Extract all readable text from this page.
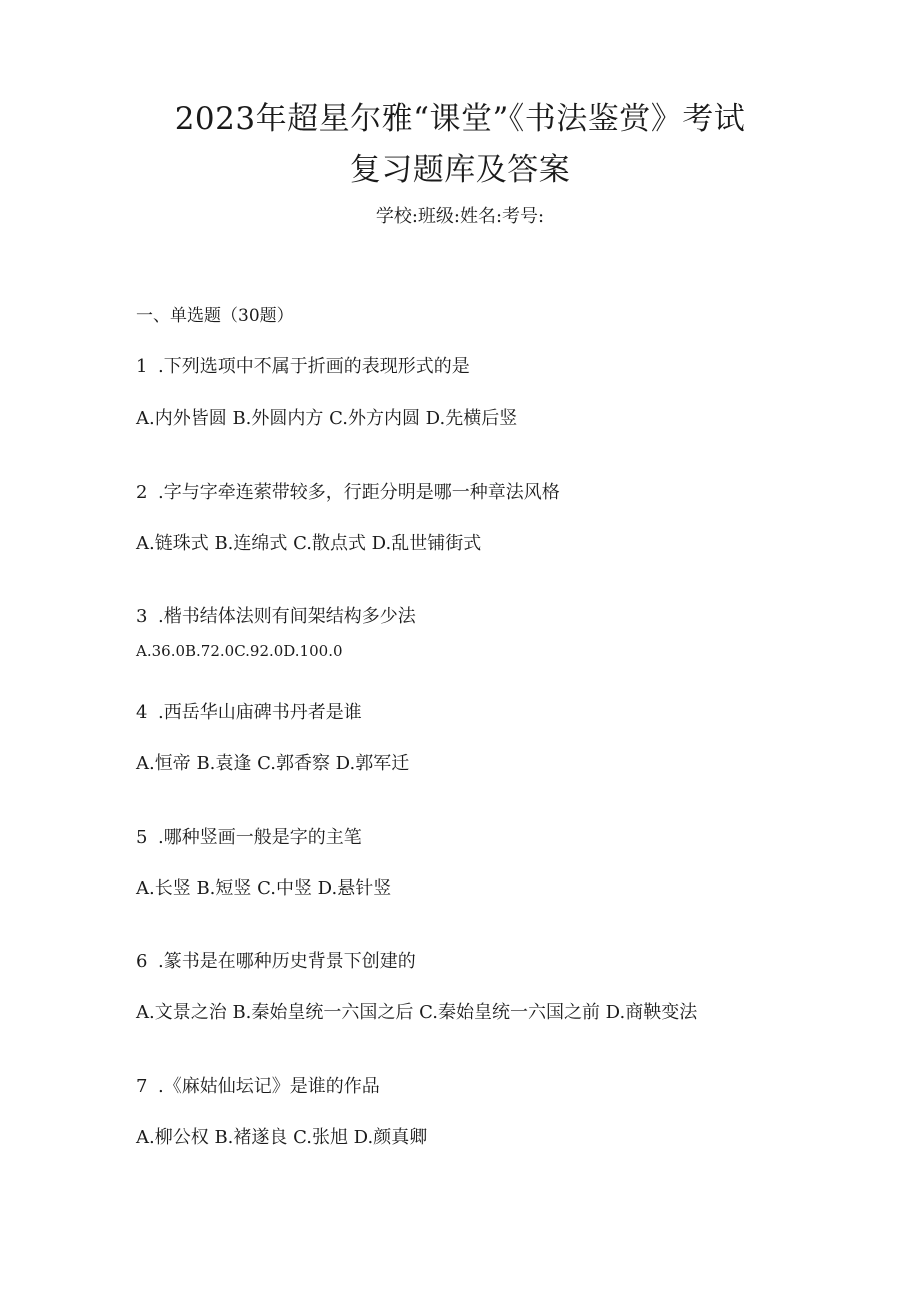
2023年超星尔雅“课堂”《书法鉴赏》考试
复习题库及答案
学校:班级:姓名:考号:
一、单选题（30题）
1 .下列选项中不属于折画的表现形式的是
A.内外皆圆 B.外圆内方 C.外方内圆 D.先横后竖
2 .字与字牵连萦带较多，行距分明是哪一种章法风格
A.链珠式 B.连绵式 C.散点式 D.乱世铺街式
3 .楷书结体法则有间架结构多少法
A.36.0B.72.0C.92.0D.100.0
4 .西岳华山庙碑书丹者是谁
A.恒帝 B.袁逢 C.郭香察 D.郭军迁
5 .哪种竖画一般是字的主笔
A.长竖 B.短竖 C.中竖 D.悬针竖
6 .篆书是在哪种历史背景下创建的
A.文景之治 B.秦始皇统一六国之后 C.秦始皇统一六国之前 D.商鞅变法
7 .《麻姑仙坛记》是谁的作品
A.柳公权 B.褚遂良 C.张旭 D.颜真卿
